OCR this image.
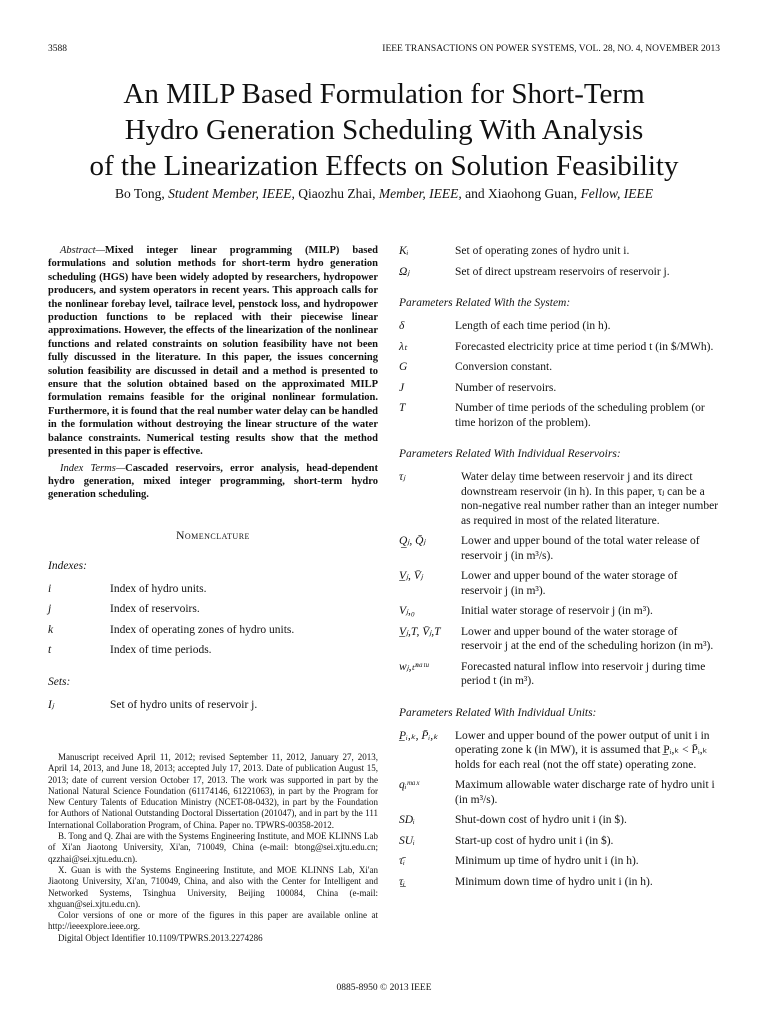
3588	IEEE TRANSACTIONS ON POWER SYSTEMS, VOL. 28, NO. 4, NOVEMBER 2013
An MILP Based Formulation for Short-Term
Hydro Generation Scheduling With Analysis
of the Linearization Effects on Solution Feasibility
Bo Tong, Student Member, IEEE, Qiaozhu Zhai, Member, IEEE, and Xiaohong Guan, Fellow, IEEE

Abstract—Mixed integer linear programming (MILP) based formulations and solution methods for short-term hydro generation scheduling (HGS) have been widely adopted by researchers, hydropower producers, and system operators in recent years. This approach calls for the nonlinear forebay level, tailrace level, penstock loss, and hydropower production functions to be replaced with their piecewise linear approximations. However, the effects of the linearization of the nonlinear functions and related constraints on solution feasibility have not been fully discussed in the literature. In this paper, the issues concerning solution feasibility are discussed in detail and a method is presented to ensure that the solution obtained based on the approximated MILP formulation remains feasible for the original nonlinear formulation. Furthermore, it is found that the real number water delay can be handled in the formulation without destroying the linear structure of the water balance constraints. Numerical testing results show that the method presented in this paper is effective.

Index Terms—Cascaded reservoirs, error analysis, head-dependent hydro generation, mixed integer programming, short-term hydro generation scheduling.

Nomenclature
Indexes:
i	Index of hydro units.
j	Index of reservoirs.
k	Index of operating zones of hydro units.
t	Index of time periods.
Sets:
Iⱼ	Set of hydro units of reservoir j.

Manuscript received April 11, 2012; revised September 11, 2012, January 27, 2013, April 14, 2013, and June 18, 2013; accepted July 17, 2013. Date of publication August 15, 2013; date of current version October 17, 2013. The work was supported in part by the National Natural Science Foundation (61174146, 61221063), in part by the Program for New Century Talents of Education Ministry (NCET-08-0432), in part by the Foundation for Authors of National Outstanding Doctoral Dissertation (201047), and in part by the 111 International Collaboration Program, of China. Paper no. TPWRS-00358-2012.

B. Tong and Q. Zhai are with the Systems Engineering Institute, and MOE KLINNS Lab of Xi'an Jiaotong University, Xi'an, 710049, China (e-mail: btong@sei.xjtu.edu.cn; qzzhai@sei.xjtu.edu.cn).

X. Guan is with the Systems Engineering Institute, and MOE KLINNS Lab, Xi'an Jiaotong University, Xi'an, 710049, China, and also with the Center for Intelligent and Networked Systems, Tsinghua University, Beijing 100084, China (e-mail: xhguan@sei.xjtu.edu.cn).

Color versions of one or more of the figures in this paper are available online at http://ieeexplore.ieee.org.

Digital Object Identifier 10.1109/TPWRS.2013.2274286

Kᵢ	Set of operating zones of hydro unit i.
Ωⱼ	Set of direct upstream reservoirs of reservoir j.
Parameters Related With the System:
δ	Length of each time period (in h).
λₜ	Forecasted electricity price at time period t (in $/MWh).
G	Conversion constant.
J	Number of reservoirs.
T	Number of time periods of the scheduling problem (or time horizon of the problem).
Parameters Related With Individual Reservoirs:
τⱼ	Water delay time between reservoir j and its direct downstream reservoir (in h). In this paper, τⱼ can be a non-negative real number rather than an integer number as required in most of the related literature.
Q̲ⱼ, Q̄ⱼ	Lower and upper bound of the total water release of reservoir j (in m³/s).
V̲ⱼ, V̄ⱼ	Lower and upper bound of the water storage of reservoir j (in m³).
Vⱼ,₀	Initial water storage of reservoir j (in m³).
V̲ⱼ,T, V̄ⱼ,T	Lower and upper bound of the water storage of reservoir j at the end of the scheduling horizon (in m³).
wⱼ,ₜⁿᵃᵗᵘ	Forecasted natural inflow into reservoir j during time period t (in m³).
Parameters Related With Individual Units:
P̲ᵢ,ₖ, P̄ᵢ,ₖ	Lower and upper bound of the power output of unit i in operating zone k (in MW), it is assumed that P̲ᵢ,ₖ < P̄ᵢ,ₖ holds for each real (not the off state) operating zone.
qᵢᵐᵃˣ	Maximum allowable water discharge rate of hydro unit i (in m³/s).
SDᵢ	Shut-down cost of hydro unit i (in $).
SUᵢ	Start-up cost of hydro unit i (in $).
τ̄ᵢ	Minimum up time of hydro unit i (in h).
τ̲ᵢ	Minimum down time of hydro unit i (in h).
0885-8950 © 2013 IEEE
